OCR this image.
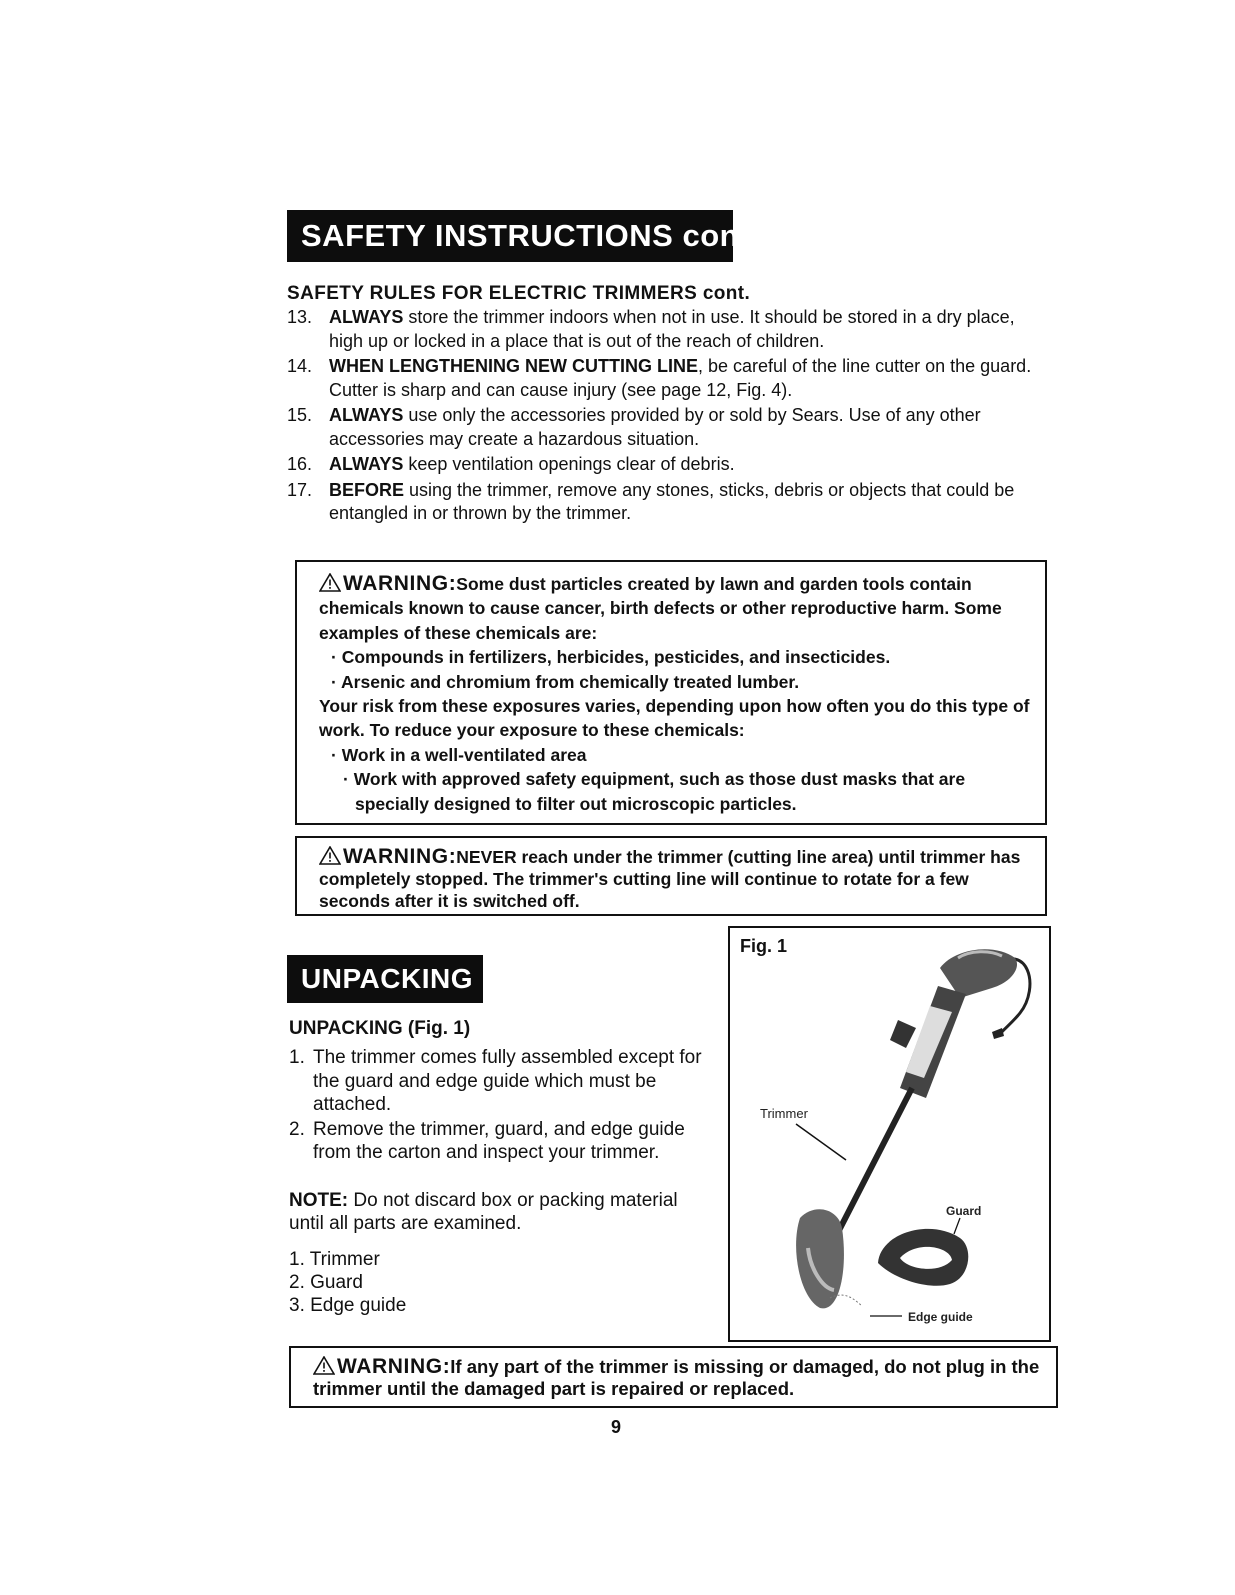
SAFETY INSTRUCTIONS cont.
SAFETY RULES FOR ELECTRIC TRIMMERS cont.
13. ALWAYS store the trimmer indoors when not in use. It should be stored in a dry place, high up or locked in a place that is out of the reach of children.
14. WHEN LENGTHENING NEW CUTTING LINE, be careful of the line cutter on the guard. Cutter is sharp and can cause injury (see page 12, Fig. 4).
15. ALWAYS use only the accessories provided by or sold by Sears. Use of any other accessories may create a hazardous situation.
16. ALWAYS keep ventilation openings clear of debris.
17. BEFORE using the trimmer, remove any stones, sticks, debris or objects that could be entangled in or thrown by the trimmer.
WARNING:Some dust particles created by lawn and garden tools contain chemicals known to cause cancer, birth defects or other reproductive harm. Some examples of these chemicals are:
· Compounds in fertilizers, herbicides, pesticides, and insecticides.
· Arsenic and chromium from chemically treated lumber.
Your risk from these exposures varies, depending upon how often you do this type of work. To reduce your exposure to these chemicals:
· Work in a well-ventilated area
· Work with approved safety equipment, such as those dust masks that are specially designed to filter out microscopic particles.
WARNING:NEVER reach under the trimmer (cutting line area) until trimmer has completely stopped. The trimmer's cutting line will continue to rotate for a few seconds after it is switched off.
UNPACKING
UNPACKING (Fig. 1)
1. The trimmer comes fully assembled except for the guard and edge guide which must be attached.
2. Remove the trimmer, guard, and edge guide from the carton and inspect your trimmer.
NOTE: Do not discard box or packing material until all parts are examined.
1. Trimmer
2. Guard
3. Edge guide
Fig. 1
Trimmer
Guard
Edge guide
WARNING:If any part of the trimmer is missing or damaged, do not plug in the trimmer until the damaged part is repaired or replaced.
9
